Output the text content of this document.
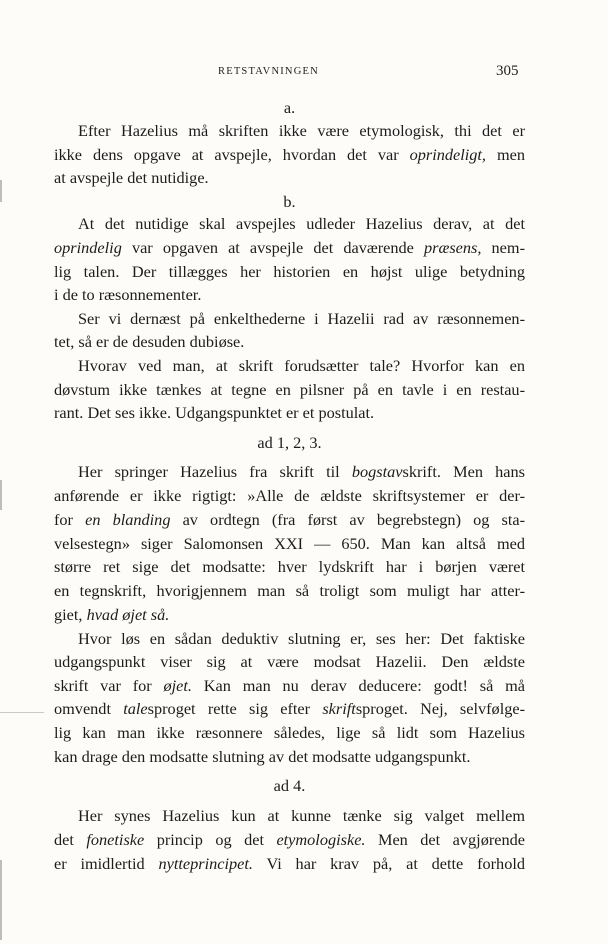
RETSTAVNINGEN	305
a.
Efter Hazelius må skriften ikke være etymologisk, thi det er
ikke dens opgave at avspejle, hvordan det var oprindeligt, men
at avspejle det nutidige.
b.
At det nutidige skal avspejles udleder Hazelius derav, at det
oprindelig var opgaven at avspejle det daværende præsens, nem-
lig talen. Der tillægges her historien en højst ulige betydning
i de to ræsonnementer.
Ser vi dernæst på enkelthederne i Hazelii rad av ræsonnemen-
tet, så er de desuden dubiøse.
Hvorav ved man, at skrift forudsætter tale? Hvorfor kan en
døvstum ikke tænkes at tegne en pilsner på en tavle i en restau-
rant. Det ses ikke. Udgangspunktet er et postulat.
ad 1, 2, 3.
Her springer Hazelius fra skrift til bogstavskrift. Men hans
anførende er ikke rigtigt: »Alle de ældste skriftsystemer er der-
for en blanding av ordtegn (fra først av begrebstegn) og sta-
velsestegn» siger Salomonsen XXI — 650. Man kan altså med
større ret sige det modsatte: hver lydskrift har i børjen været
en tegnskrift, hvorigjennem man så troligt som muligt har atter-
giet, hvad øjet så.
Hvor løs en sådan deduktiv slutning er, ses her: Det faktiske
udgangspunkt viser sig at være modsat Hazelii. Den ældste
skrift var for øjet. Kan man nu derav deducere: godt! så må
omvendt talesproget rette sig efter skriftsproget. Nej, selvfølge-
lig kan man ikke ræsonnere således, lige så lidt som Hazelius
kan drage den modsatte slutning av det modsatte udgangspunkt.
ad 4.
Her synes Hazelius kun at kunne tænke sig valget mellem
det fonetiske princip og det etymologiske. Men det avgjørende
er imidlertid nytteprincipet. Vi har krav på, at dette forhold
